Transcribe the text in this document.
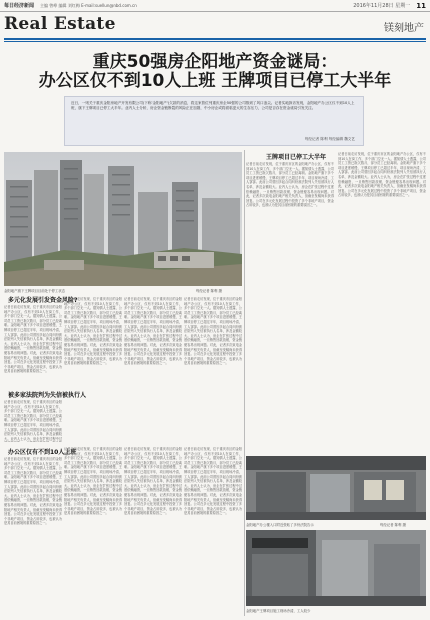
每日经济新闻 主编 曾峥 编辑 刘红梅 E-mail:suellun@nbd.com.cn	2016年11月28日 星期一 11
Real Estate	镁刻地产
重庆50强房企阳地产资金谜局：
办公区仅不到10人上班 王牌项目已停工大半年
近日，一则关于重庆金阳房地产开发有限公司(下称'金阳地产')欠款的消息，将这家曾位列重庆房企50强的公司推到了风口浪尖。记者实地探访发现，金阳地产办公区仅不到10人上班，旗下王牌项目已停工大半年。业内人士分析，房企资金链断裂的风险正在加剧，中小房企或将面临更大的生存压力，公司是否存在资金谜局引发关注。
每经记者 陈利 每经编辑 魏文艺
金阳地产旗下王牌项目目前处于停工状态	每经记者 陈利 摄
王牌项目已停工大半年
记者日前走访发现，位于重庆市区的金阳地产办公区，仅有不到10人在岗工作，多个部门空无一人。据知情人士透露，公司员工工资已拖欠数月，部分员工已经离职。金阳地产旗下多个项目进度缓慢，王牌项目停工已超过半年，项目现场冷清，工人寥寥。此前公司曾因多起合同纠纷被法院列入失信被执行人名单，涉及金额较大。业内人士认为，房企在扩张过程中过度依赖融资，一旦销售回款放缓，资金链便容易出现问题。对此，记者多次致电金阳地产相关负责人，但截至发稿尚未获得回复。公司在多元化发展过程中投资了多个非地产项目，资金占用较多，也被认为是其目前困境的重要原因之一。
记者日前走访发现，位于重庆市区的金阳地产办公区，仅有不到10人在岗工作，多个部门空无一人。据知情人士透露，公司员工工资已拖欠数月，部分员工已经离职。金阳地产旗下多个项目进度缓慢，王牌项目停工已超过半年，项目现场冷清，工人寥寥。此前公司曾因多起合同纠纷被法院列入失信被执行人名单，涉及金额较大。业内人士认为，房企在扩张过程中过度依赖融资，一旦销售回款放缓，资金链便容易出现问题。对此，记者多次致电金阳地产相关负责人，但截至发稿尚未获得回复。公司在多元化发展过程中投资了多个非地产项目，资金占用较多，也被认为是其目前困境的重要原因之一。
多元化发展引发资金风险?
记者日前走访发现，位于重庆市区的金阳地产办公区，仅有不到10人在岗工作，多个部门空无一人。据知情人士透露，公司员工工资已拖欠数月，部分员工已经离职。金阳地产旗下多个项目进度缓慢，王牌项目停工已超过半年，项目现场冷清，工人寥寥。此前公司曾因多起合同纠纷被法院列入失信被执行人名单，涉及金额较大。业内人士认为，房企在扩张过程中过度依赖融资，一旦销售回款放缓，资金链便容易出现问题。对此，记者多次致电金阳地产相关负责人，但截至发稿尚未获得回复。公司在多元化发展过程中投资了多个非地产项目，资金占用较多，也被认为是其目前困境的重要原因之一。
记者日前走访发现，位于重庆市区的金阳地产办公区，仅有不到10人在岗工作，多个部门空无一人。据知情人士透露，公司员工工资已拖欠数月，部分员工已经离职。金阳地产旗下多个项目进度缓慢，王牌项目停工已超过半年，项目现场冷清，工人寥寥。此前公司曾因多起合同纠纷被法院列入失信被执行人名单，涉及金额较大。业内人士认为，房企在扩张过程中过度依赖融资，一旦销售回款放缓，资金链便容易出现问题。对此，记者多次致电金阳地产相关负责人，但截至发稿尚未获得回复。公司在多元化发展过程中投资了多个非地产项目，资金占用较多，也被认为是其目前困境的重要原因之一。
记者日前走访发现，位于重庆市区的金阳地产办公区，仅有不到10人在岗工作，多个部门空无一人。据知情人士透露，公司员工工资已拖欠数月，部分员工已经离职。金阳地产旗下多个项目进度缓慢，王牌项目停工已超过半年，项目现场冷清，工人寥寥。此前公司曾因多起合同纠纷被法院列入失信被执行人名单，涉及金额较大。业内人士认为，房企在扩张过程中过度依赖融资，一旦销售回款放缓，资金链便容易出现问题。对此，记者多次致电金阳地产相关负责人，但截至发稿尚未获得回复。公司在多元化发展过程中投资了多个非地产项目，资金占用较多，也被认为是其目前困境的重要原因之一。
记者日前走访发现，位于重庆市区的金阳地产办公区，仅有不到10人在岗工作，多个部门空无一人。据知情人士透露，公司员工工资已拖欠数月，部分员工已经离职。金阳地产旗下多个项目进度缓慢，王牌项目停工已超过半年，项目现场冷清，工人寥寥。此前公司曾因多起合同纠纷被法院列入失信被执行人名单，涉及金额较大。业内人士认为，房企在扩张过程中过度依赖融资，一旦销售回款放缓，资金链便容易出现问题。对此，记者多次致电金阳地产相关负责人，但截至发稿尚未获得回复。公司在多元化发展过程中投资了多个非地产项目，资金占用较多，也被认为是其目前困境的重要原因之一。
被多家法院判为失信被执行人
记者日前走访发现，位于重庆市区的金阳地产办公区，仅有不到10人在岗工作，多个部门空无一人。据知情人士透露，公司员工工资已拖欠数月，部分员工已经离职。金阳地产旗下多个项目进度缓慢，王牌项目停工已超过半年，项目现场冷清，工人寥寥。此前公司曾因多起合同纠纷被法院列入失信被执行人名单，涉及金额较大。业内人士认为，房企在扩张过程中过
办公区仅有不到10人上班
记者日前走访发现，位于重庆市区的金阳地产办公区，仅有不到10人在岗工作，多个部门空无一人。据知情人士透露，公司员工工资已拖欠数月，部分员工已经离职。金阳地产旗下多个项目进度缓慢，王牌项目停工已超过半年，项目现场冷清，工人寥寥。此前公司曾因多起合同纠纷被法院列入失信被执行人名单，涉及金额较大。业内人士认为，房企在扩张过程中过度依赖融资，一旦销售回款放缓，资金链便容易出现问题。对此，记者多次致电金阳地产相关负责人，但截至发稿尚未获得回复。公司在多元化发展过程中投资了多个非地产项目，资金占用较多，也被认为是其目前困境的重要原因之一。
记者日前走访发现，位于重庆市区的金阳地产办公区，仅有不到10人在岗工作，多个部门空无一人。据知情人士透露，公司员工工资已拖欠数月，部分员工已经离职。金阳地产旗下多个项目进度缓慢，王牌项目停工已超过半年，项目现场冷清，工人寥寥。此前公司曾因多起合同纠纷被法院列入失信被执行人名单，涉及金额较大。业内人士认为，房企在扩张过程中过度依赖融资，一旦销售回款放缓，资金链便容易出现问题。对此，记者多次致电金阳地产相关负责人，但截至发稿尚未获得回复。公司在多元化发展过程中投资了多个非地产项目，资金占用较多，也被认为是其目前困境的重要原因之一。
记者日前走访发现，位于重庆市区的金阳地产办公区，仅有不到10人在岗工作，多个部门空无一人。据知情人士透露，公司员工工资已拖欠数月，部分员工已经离职。金阳地产旗下多个项目进度缓慢，王牌项目停工已超过半年，项目现场冷清，工人寥寥。此前公司曾因多起合同纠纷被法院列入失信被执行人名单，涉及金额较大。业内人士认为，房企在扩张过程中过度依赖融资，一旦销售回款放缓，资金链便容易出现问题。对此，记者多次致电金阳地产相关负责人，但截至发稿尚未获得回复。公司在多元化发展过程中投资了多个非地产项目，资金占用较多，也被认为是其目前困境的重要原因之一。
记者日前走访发现，位于重庆市区的金阳地产办公区，仅有不到10人在岗工作，多个部门空无一人。据知情人士透露，公司员工工资已拖欠数月，部分员工已经离职。金阳地产旗下多个项目进度缓慢，王牌项目停工已超过半年，项目现场冷清，工人寥寥。此前公司曾因多起合同纠纷被法院列入失信被执行人名单，涉及金额较大。业内人士认为，房企在扩张过程中过度依赖融资，一旦销售回款放缓，资金链便容易出现问题。对此，记者多次致电金阳地产相关负责人，但截至发稿尚未获得回复。公司在多元化发展过程中投资了多个非地产项目，资金占用较多，也被认为是其目前困境的重要原因之一。
金阳地产办公楼入口附近张贴了多份法院告示
金阳地产王牌项目施工现场冷清，工人较少
每经记者 陈利 摄
